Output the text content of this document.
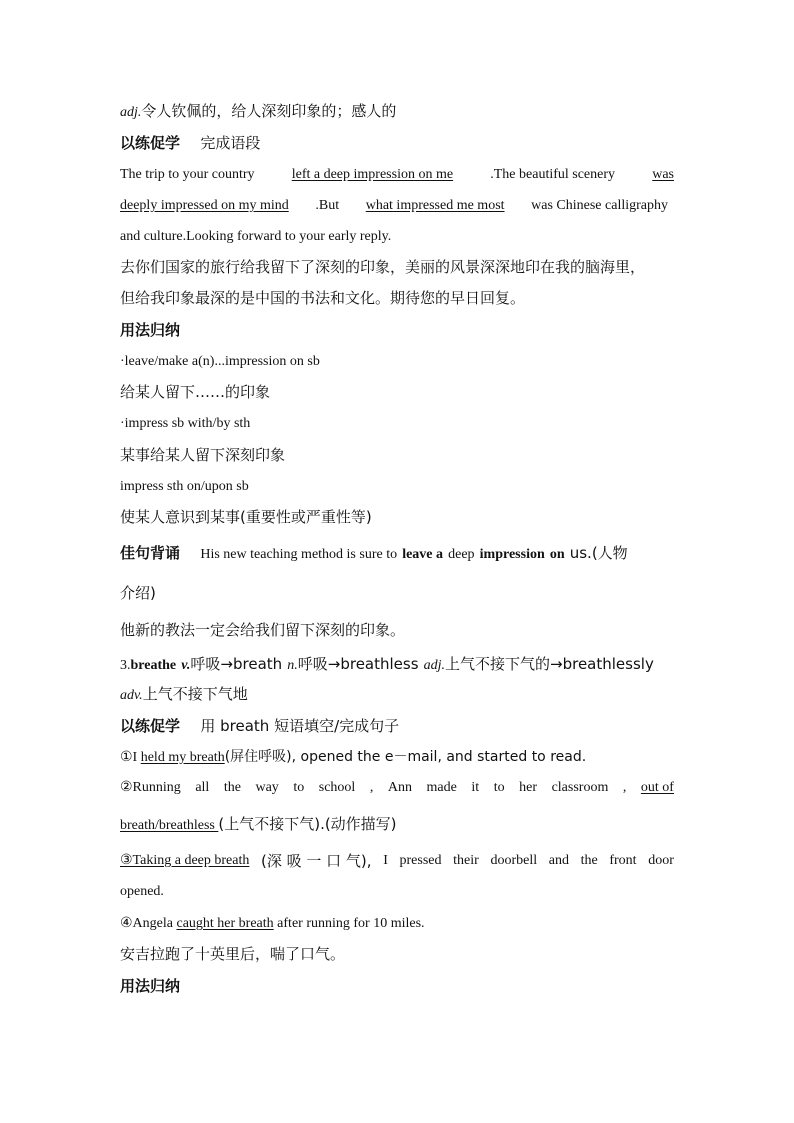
adj.令人钦佩的，给人深刻印象的；感人的
以练促学 完成语段
The trip to your country	left a deep impression on me	.The beautiful scenery	was
deeply impressed on my mind .But what impressed me most was Chinese calligraphy
and culture.Looking forward to your early reply.
去你们国家的旅行给我留下了深刻的印象，美丽的风景深深地印在我的脑海里，
但给我印象最深的是中国的书法和文化。期待您的早日回复。
用法归纳
·leave/make a(n)...impression on sb
给某人留下……的印象
·impress sb with/by sth
某事给某人留下深刻印象
impress sth on/upon sb
使某人意识到某事(重要性或严重性等)
佳句背诵 His new teaching method is sure to leave a deep impression on us.(人物
介绍)
他新的教法一定会给我们留下深刻的印象。
3.breathe v.呼吸→breath n.呼吸→breathless adj.上气不接下气的→breathlessly
adv.上气不接下气地
以练促学 用 breath 短语填空/完成句子
①I held my breath(屏住呼吸), opened the e－mail, and started to read.
②Running all the way to school , Ann made it to her classroom , out of
breath/breathless (上气不接下气).(动作描写)
③Taking a deep breath (深 吸 一 口 气), I pressed their doorbell and the front door
opened.
④Angela caught her breath after running for 10 miles.
安吉拉跑了十英里后，喘了口气。
用法归纳
